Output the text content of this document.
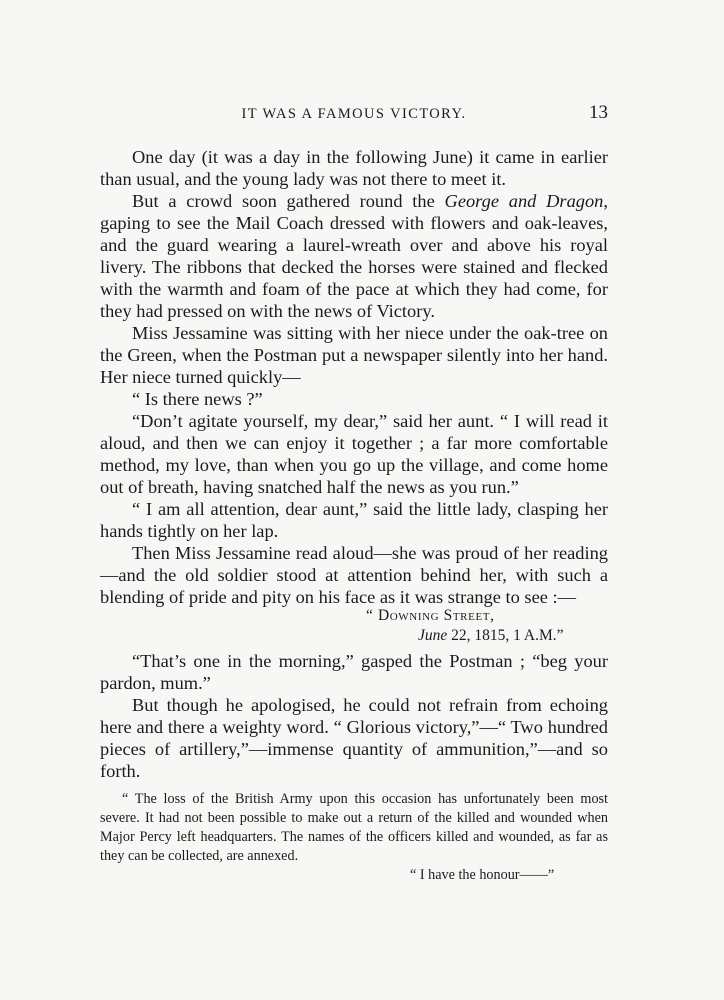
IT WAS A FAMOUS VICTORY.	13

One day (it was a day in the following June) it came in earlier than usual, and the young lady was not there to meet it.

But a crowd soon gathered round the George and Dragon, gaping to see the Mail Coach dressed with flowers and oak-leaves, and the guard wearing a laurel-wreath over and above his royal livery. The ribbons that decked the horses were stained and flecked with the warmth and foam of the pace at which they had come, for they had pressed on with the news of Victory.

Miss Jessamine was sitting with her niece under the oak-tree on the Green, when the Postman put a newspaper silently into her hand. Her niece turned quickly—

“ Is there news ?”

“Don’t agitate yourself, my dear,” said her aunt. “ I will read it aloud, and then we can enjoy it together ; a far more comfortable method, my love, than when you go up the village, and come home out of breath, having snatched half the news as you run.”

“ I am all attention, dear aunt,” said the little lady, clasping her hands tightly on her lap.

Then Miss Jessamine read aloud—she was proud of her reading—and the old soldier stood at attention behind her, with such a blending of pride and pity on his face as it was strange to see :—

“ Downing Street,
June 22, 1815, 1 A.M.”

“That’s one in the morning,” gasped the Postman ; “beg your pardon, mum.”

But though he apologised, he could not refrain from echoing here and there a weighty word. “ Glorious victory,”—“ Two hundred pieces of artillery,”—immense quantity of ammunition,”—and so forth.

“ The loss of the British Army upon this occasion has unfortunately been most severe. It had not been possible to make out a return of the killed and wounded when Major Percy left headquarters. The names of the officers killed and wounded, as far as they can be collected, are annexed.

“ I have the honour——”
